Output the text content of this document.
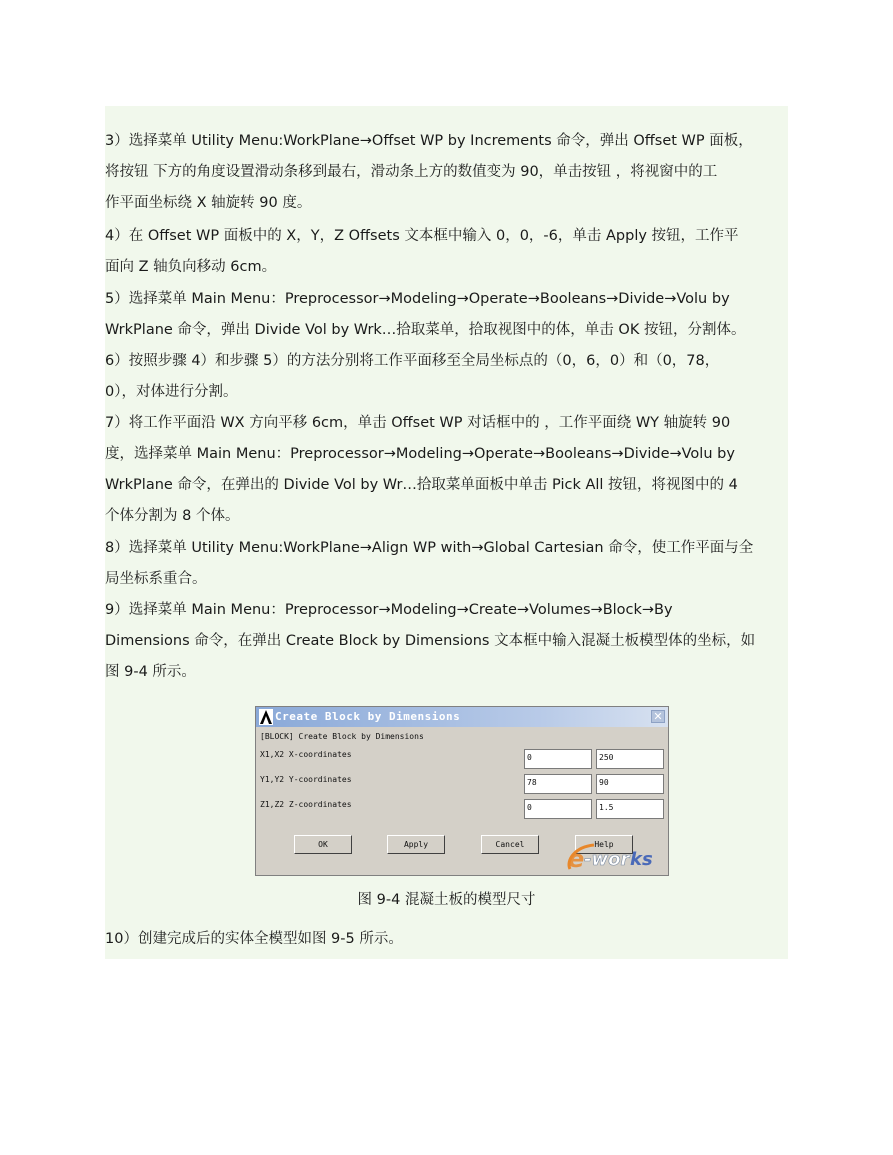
3）选择菜单 Utility Menu:WorkPlane→Offset WP by Increments 命令，弹出 Offset WP 面板，
将按钮 下方的角度设置滑动条移到最右，滑动条上方的数值变为 90，单击按钮 ，将视窗中的工
作平面坐标绕 X 轴旋转 90 度。
4）在 Offset WP 面板中的 X，Y，Z Offsets 文本框中输入 0，0，-6，单击 Apply 按钮，工作平
面向 Z 轴负向移动 6cm。
5）选择菜单 Main Menu：Preprocessor→Modeling→Operate→Booleans→Divide→Volu by
WrkPlane 命令，弹出 Divide Vol by Wrk…拾取菜单，拾取视图中的体，单击 OK 按钮，分割体。
6）按照步骤 4）和步骤 5）的方法分别将工作平面移至全局坐标点的（0，6，0）和（0，78，
0），对体进行分割。
7）将工作平面沿 WX 方向平移 6cm，单击 Offset WP 对话框中的 ，工作平面绕 WY 轴旋转 90
度，选择菜单 Main Menu：Preprocessor→Modeling→Operate→Booleans→Divide→Volu by
WrkPlane 命令，在弹出的 Divide Vol by Wr…拾取菜单面板中单击 Pick All 按钮，将视图中的 4
个体分割为 8 个体。
8）选择菜单 Utility Menu:WorkPlane→Align WP with→Global Cartesian 命令，使工作平面与全
局坐标系重合。
9）选择菜单 Main Menu：Preprocessor→Modeling→Create→Volumes→Block→By
Dimensions 命令，在弹出 Create Block by Dimensions 文本框中输入混凝土板模型体的坐标，如
图 9-4 所示。
Create Block by Dimensions	✕
[BLOCK] Create Block by Dimensions
X1,X2 X-coordinates	0	250
Y1,Y2 Y-coordinates	78	90
Z1,Z2 Z-coordinates	0	1.5
OK	Apply	Cancel	Help
e -wor ks
图 9-4 混凝土板的模型尺寸
10）创建完成后的实体全模型如图 9-5 所示。
